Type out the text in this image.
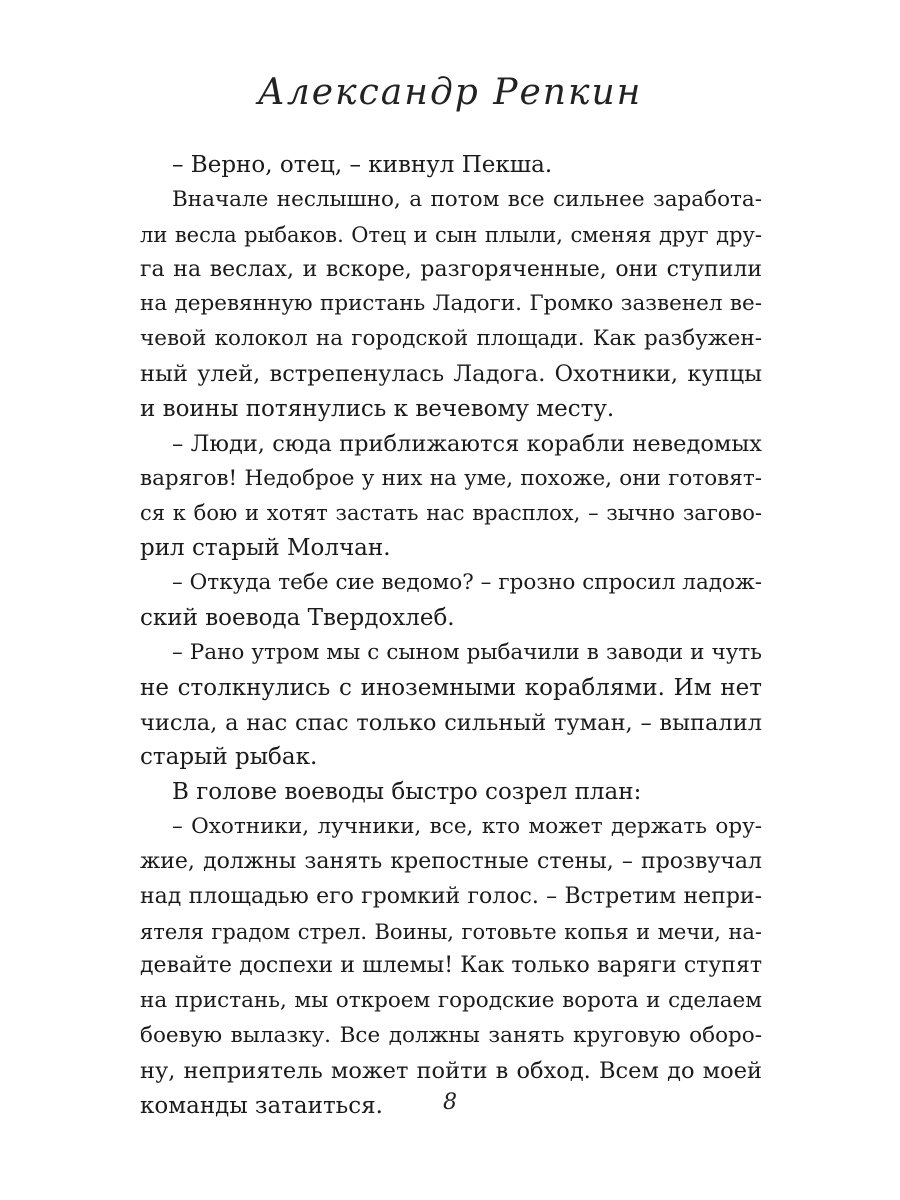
Александр Репкин
– Верно, отец, – кивнул Пекша.
Вначале неслышно, а потом все сильнее заработа-
ли весла рыбаков. Отец и сын плыли, сменяя друг дру-
га на веслах, и вскоре, разгоряченные, они ступили
на деревянную пристань Ладоги. Громко зазвенел ве-
чевой колокол на городской площади. Как разбужен-
ный улей, встрепенулась Ладога. Охотники, купцы
и воины потянулись к вечевому месту.
– Люди, сюда приближаются корабли неведомых
варягов! Недоброе у них на уме, похоже, они готовят-
ся к бою и хотят застать нас врасплох, – зычно загово-
рил старый Молчан.
– Откуда тебе сие ведомо? – грозно спросил ладож-
ский воевода Твердохлеб.
– Рано утром мы с сыном рыбачили в заводи и чуть
не столкнулись с иноземными кораблями. Им нет
числа, а нас спас только сильный туман, – выпалил
старый рыбак.
В голове воеводы быстро созрел план:
– Охотники, лучники, все, кто может держать ору-
жие, должны занять крепостные стены, – прозвучал
над площадью его громкий голос. – Встретим непри-
ятеля градом стрел. Воины, готовьте копья и мечи, на-
девайте доспехи и шлемы! Как только варяги ступят
на пристань, мы откроем городские ворота и сделаем
боевую вылазку. Все должны занять круговую оборо-
ну, неприятель может пойти в обход. Всем до моей
команды затаиться.	8
